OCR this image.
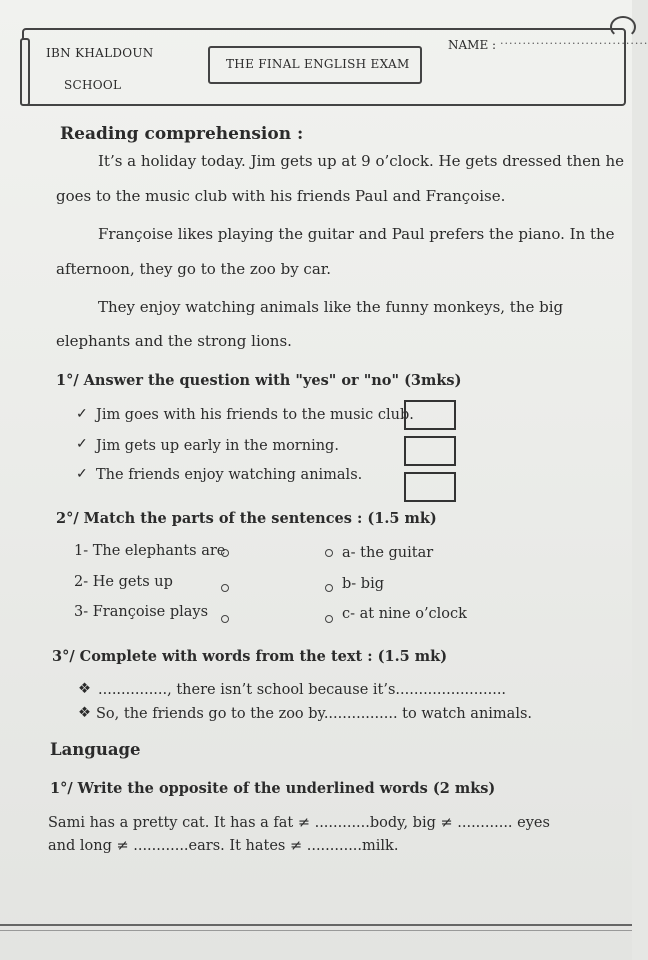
IBN KHALDOUN
SCHOOL
THE FINAL ENGLISH EXAM
NAME : .................................
Reading comprehension :
It’s a holiday today. Jim gets up at 9 o’clock. He gets dressed then he
goes to the music club with his friends Paul and Françoise.
Françoise likes playing the guitar and Paul prefers the piano. In the
afternoon, they go to the zoo by car.
They enjoy watching animals like the funny monkeys, the big
elephants and the strong lions.
1°/ Answer the question with "yes" or "no" (3mks)
✓ Jim goes with his friends to the music club.
✓ Jim gets up early in the morning.
✓ The friends enjoy watching animals.
2°/ Match the parts of the sentences : (1.5 mk)
1- The elephants are	a- the guitar
2- He gets up	b- big
3- Françoise plays	c- at nine o’clock
3°/ Complete with words from the text : (1.5 mk)
❖ ..............., there isn’t school because it’s........................
❖ So, the friends go to the zoo by................ to watch animals.
Language
1°/ Write the opposite of the underlined words (2 mks)
Sami has a pretty cat. It has a fat ≠ ............body, big ≠ ............ eyes
and long ≠ ............ears. It hates ≠ ............milk.
